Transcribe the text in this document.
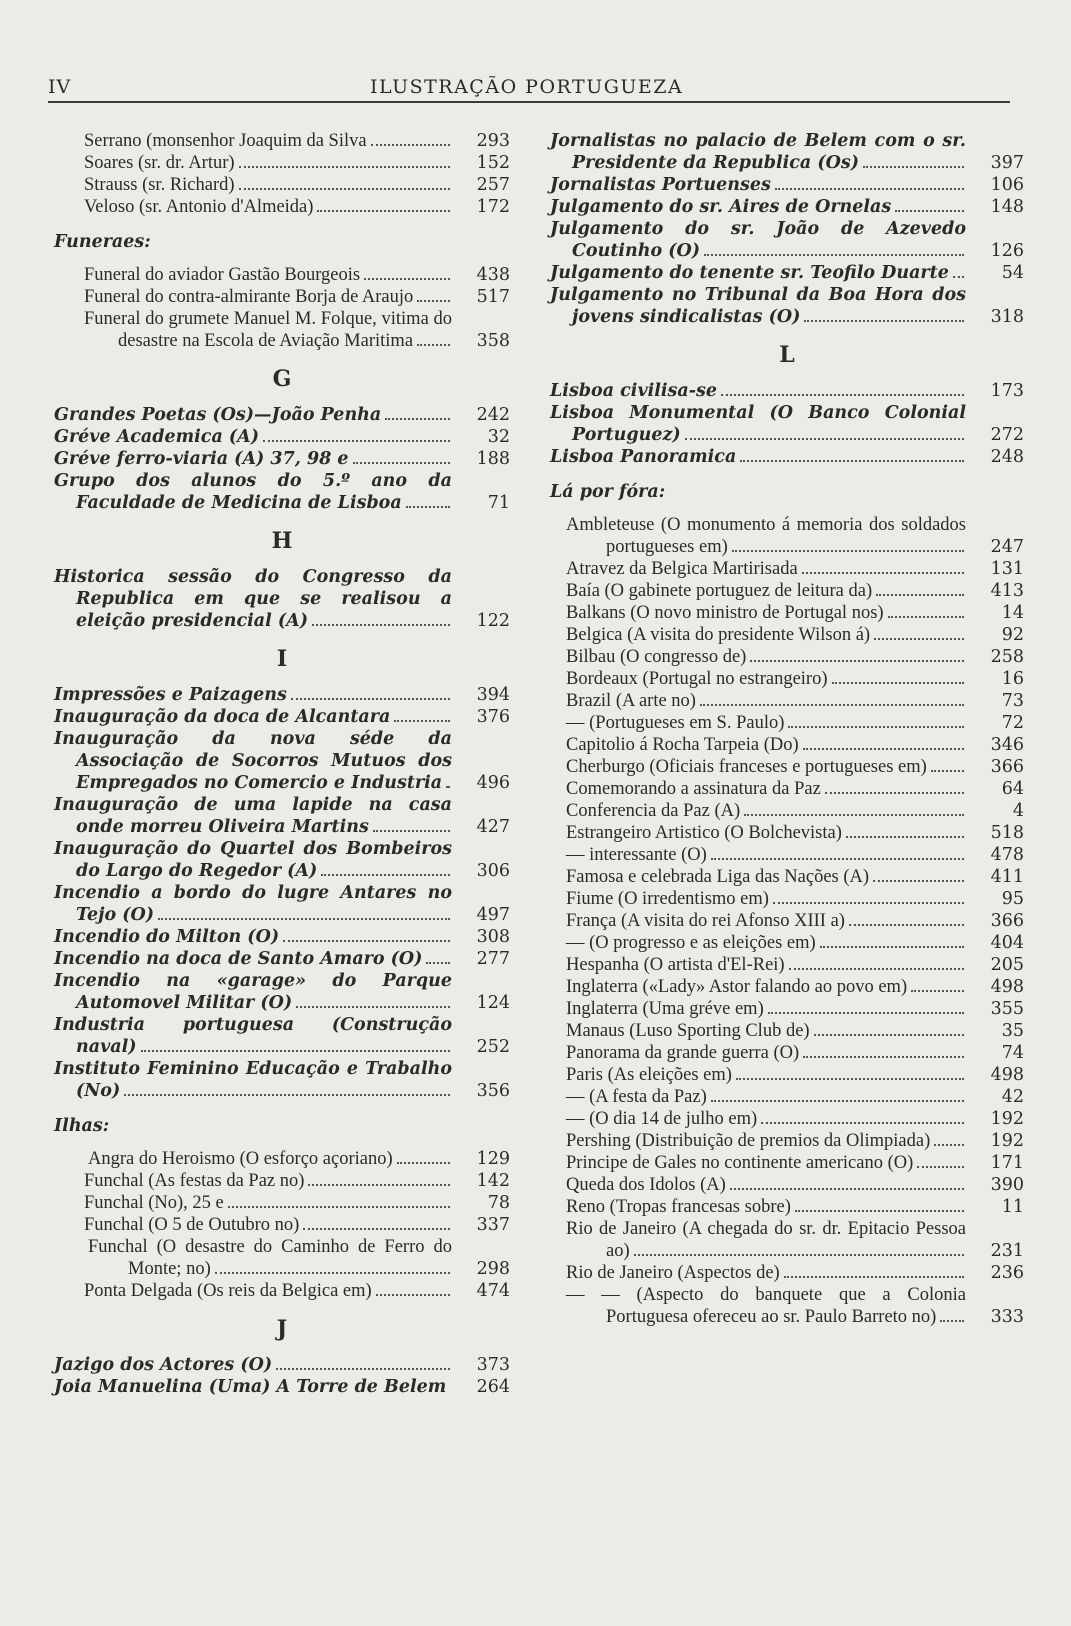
IV	ILUSTRAÇÃO PORTUGUEZA
Serrano (monsenhor Joaquim da Silva	293
Soares (sr. dr. Artur)	152
Strauss (sr. Richard)	257
Veloso (sr. Antonio d'Almeida)	172
Funeraes:
Funeral do aviador Gastão Bourgeois	438
Funeral do contra-almirante Borja de Araujo	517
Funeral do grumete Manuel M. Folque, vitima do desastre na Escola de Aviação Maritima	358
G
Grandes Poetas (Os)—João Penha	242
Gréve Academica (A)	32
Gréve ferro-viaria (A) 37, 98 e	188
Grupo dos alunos do 5.º ano da Faculdade de Medicina de Lisboa	71
H
Historica sessão do Congresso da Republica em que se realisou a eleição presidencial (A)	122
I
Impressões e Paizagens	394
Inauguração da doca de Alcantara	376
Inauguração da nova séde da Associação de Socorros Mutuos dos Empregados no Comercio e Industria	496
Inauguração de uma lapide na casa onde morreu Oliveira Martins	427
Inauguração do Quartel dos Bombeiros do Largo do Regedor (A)	306
Incendio a bordo do lugre Antares no Tejo (O)	497
Incendio do Milton (O)	308
Incendio na doca de Santo Amaro (O)	277
Incendio na «garage» do Parque Automovel Militar (O)	124
Industria portuguesa (Construção naval)	252
Instituto Feminino Educação e Trabalho (No)	356
Ilhas:
Angra do Heroismo (O esforço açoriano)	129
Funchal (As festas da Paz no)	142
Funchal (No), 25 e	78
Funchal (O 5 de Outubro no)	337
Funchal (O desastre do Caminho de Ferro do Monte; no)	298
Ponta Delgada (Os reis da Belgica em)	474
J
Jazigo dos Actores (O)	373
Joia Manuelina (Uma) A Torre de Belem	264
Jornalistas no palacio de Belem com o sr. Presidente da Republica (Os)	397
Jornalistas Portuenses	106
Julgamento do sr. Aires de Ornelas	148
Julgamento do sr. João de Azevedo Coutinho (O)	126
Julgamento do tenente sr. Teofilo Duarte	54
Julgamento no Tribunal da Boa Hora dos jovens sindicalistas (O)	318
L
Lisboa civilisa-se	173
Lisboa Monumental (O Banco Colonial Portuguez)	272
Lisboa Panoramica	248
Lá por fóra:
Ambleteuse (O monumento á memoria dos soldados portugueses em)	247
Atravez da Belgica Martirisada	131
Baía (O gabinete portuguez de leitura da)	413
Balkans (O novo ministro de Portugal nos)	14
Belgica (A visita do presidente Wilson á)	92
Bilbau (O congresso de)	258
Bordeaux (Portugal no estrangeiro)	16
Brazil (A arte no)	73
— (Portugueses em S. Paulo)	72
Capitolio á Rocha Tarpeia (Do)	346
Cherburgo (Oficiais franceses e portugueses em)	366
Comemorando a assinatura da Paz	64
Conferencia da Paz (A)	4
Estrangeiro Artistico (O Bolchevista)	518
— interessante (O)	478
Famosa e celebrada Liga das Nações (A)	411
Fiume (O irredentismo em)	95
França (A visita do rei Afonso XIII a)	366
— (O progresso e as eleições em)	404
Hespanha (O artista d'El-Rei)	205
Inglaterra («Lady» Astor falando ao povo em)	498
Inglaterra (Uma gréve em)	355
Manaus (Luso Sporting Club de)	35
Panorama da grande guerra (O)	74
Paris (As eleições em)	498
— (A festa da Paz)	42
— (O dia 14 de julho em)	192
Pershing (Distribuição de premios da Olimpiada)	192
Principe de Gales no continente americano (O)	171
Queda dos Idolos (A)	390
Reno (Tropas francesas sobre)	11
Rio de Janeiro (A chegada do sr. dr. Epitacio Pessoa ao)	231
Rio de Janeiro (Aspectos de)	236
— — (Aspecto do banquete que a Colonia Portuguesa ofereceu ao sr. Paulo Barreto no)	333
